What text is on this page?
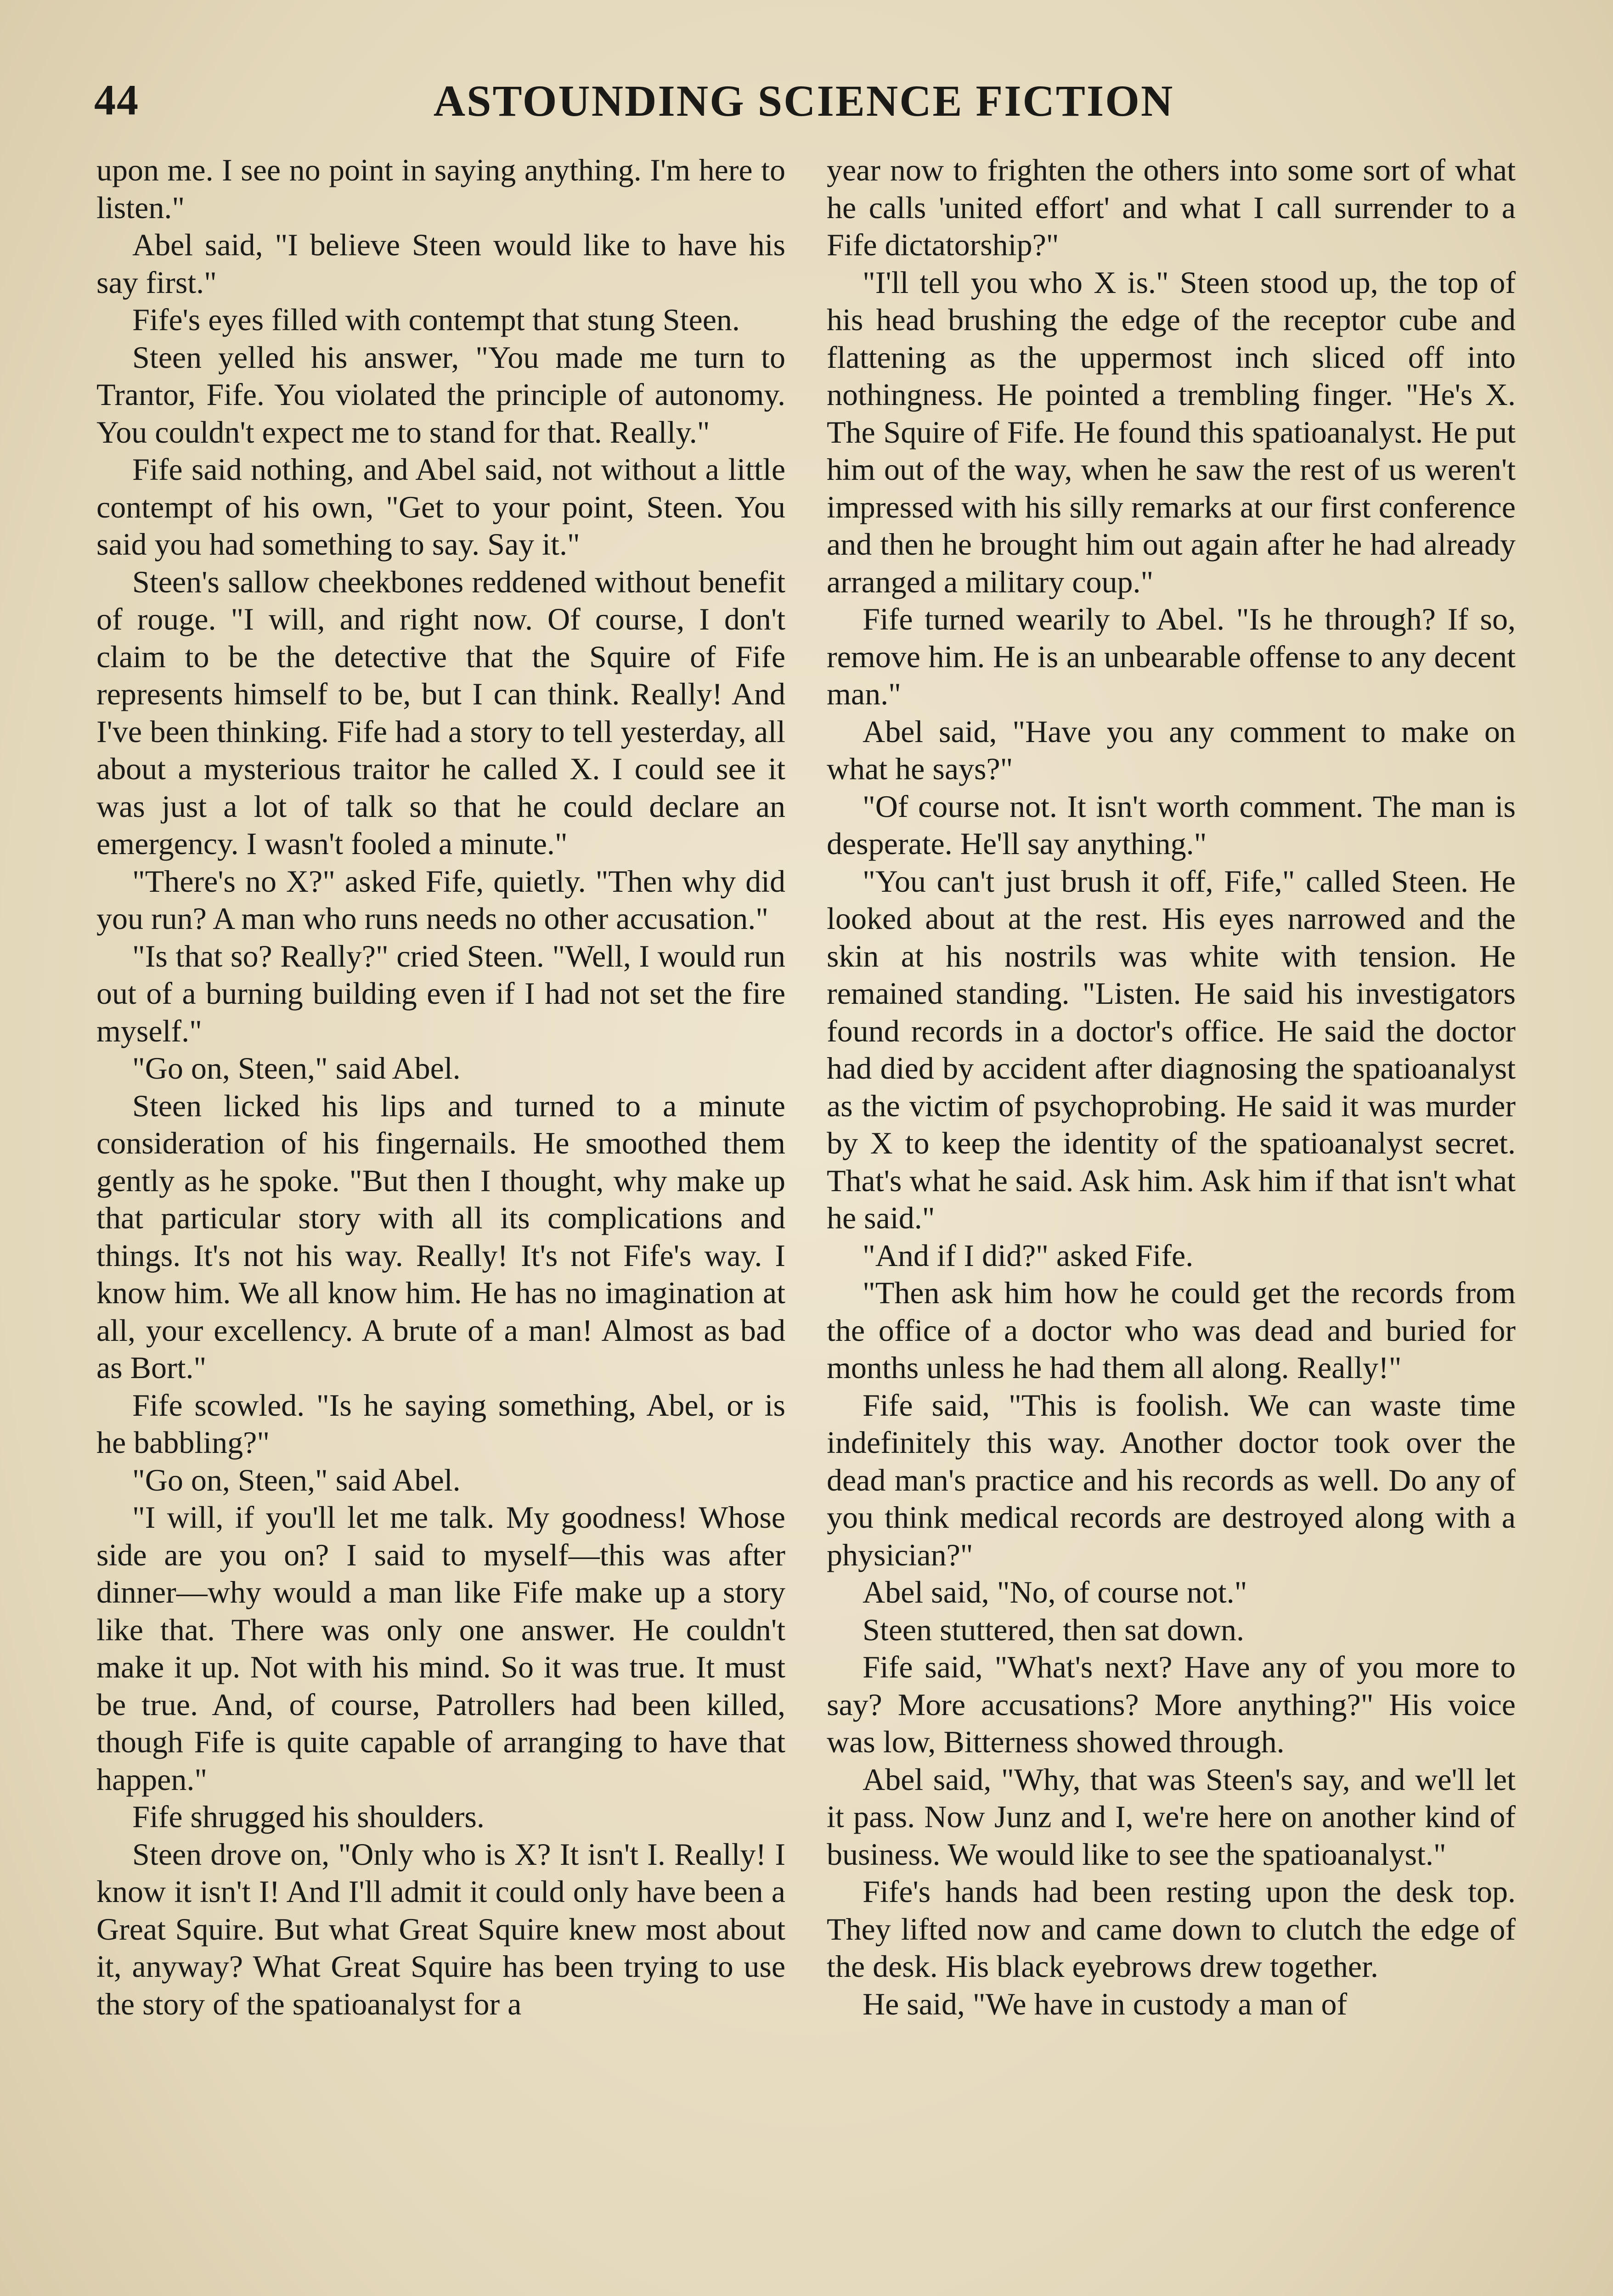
44	ASTOUNDING SCIENCE FICTION

upon me. I see no point in saying anything. I'm here to listen."

Abel said, "I believe Steen would like to have his say first."

Fife's eyes filled with contempt that stung Steen.

Steen yelled his answer, "You made me turn to Trantor, Fife. You violated the principle of autonomy. You couldn't expect me to stand for that. Really."

Fife said nothing, and Abel said, not without a little contempt of his own, "Get to your point, Steen. You said you had something to say. Say it."

Steen's sallow cheekbones reddened without benefit of rouge. "I will, and right now. Of course, I don't claim to be the detective that the Squire of Fife represents himself to be, but I can think. Really! And I've been thinking. Fife had a story to tell yesterday, all about a mysterious traitor he called X. I could see it was just a lot of talk so that he could declare an emergency. I wasn't fooled a minute."

"There's no X?" asked Fife, quietly. "Then why did you run? A man who runs needs no other accusation."

"Is that so? Really?" cried Steen. "Well, I would run out of a burning building even if I had not set the fire myself."

"Go on, Steen," said Abel.

Steen licked his lips and turned to a minute consideration of his fingernails. He smoothed them gently as he spoke. "But then I thought, why make up that particular story with all its complications and things. It's not his way. Really! It's not Fife's way. I know him. We all know him. He has no imagination at all, your excellency. A brute of a man! Almost as bad as Bort."

Fife scowled. "Is he saying something, Abel, or is he babbling?"

"Go on, Steen," said Abel.

"I will, if you'll let me talk. My goodness! Whose side are you on? I said to myself—this was after dinner—why would a man like Fife make up a story like that. There was only one answer. He couldn't make it up. Not with his mind. So it was true. It must be true. And, of course, Patrollers had been killed, though Fife is quite capable of arranging to have that happen."

Fife shrugged his shoulders.

Steen drove on, "Only who is X? It isn't I. Really! I know it isn't I! And I'll admit it could only have been a Great Squire. But what Great Squire knew most about it, anyway? What Great Squire has been trying to use the story of the spatioanalyst for a

year now to frighten the others into some sort of what he calls 'united effort' and what I call surrender to a Fife dictatorship?"

"I'll tell you who X is." Steen stood up, the top of his head brushing the edge of the receptor cube and flattening as the uppermost inch sliced off into nothingness. He pointed a trembling finger. "He's X. The Squire of Fife. He found this spatioanalyst. He put him out of the way, when he saw the rest of us weren't impressed with his silly remarks at our first conference and then he brought him out again after he had already arranged a military coup."

Fife turned wearily to Abel. "Is he through? If so, remove him. He is an unbearable offense to any decent man."

Abel said, "Have you any comment to make on what he says?"

"Of course not. It isn't worth comment. The man is desperate. He'll say anything."

"You can't just brush it off, Fife," called Steen. He looked about at the rest. His eyes narrowed and the skin at his nostrils was white with tension. He remained standing. "Listen. He said his investigators found records in a doctor's office. He said the doctor had died by accident after diagnosing the spatioanalyst as the victim of psychoprobing. He said it was murder by X to keep the identity of the spatioanalyst secret. That's what he said. Ask him. Ask him if that isn't what he said."

"And if I did?" asked Fife.

"Then ask him how he could get the records from the office of a doctor who was dead and buried for months unless he had them all along. Really!"

Fife said, "This is foolish. We can waste time indefinitely this way. Another doctor took over the dead man's practice and his records as well. Do any of you think medical records are destroyed along with a physician?"

Abel said, "No, of course not."

Steen stuttered, then sat down.

Fife said, "What's next? Have any of you more to say? More accusations? More anything?" His voice was low, Bitterness showed through.

Abel said, "Why, that was Steen's say, and we'll let it pass. Now Junz and I, we're here on another kind of business. We would like to see the spatioanalyst."

Fife's hands had been resting upon the desk top. They lifted now and came down to clutch the edge of the desk. His black eyebrows drew together.

He said, "We have in custody a man of
